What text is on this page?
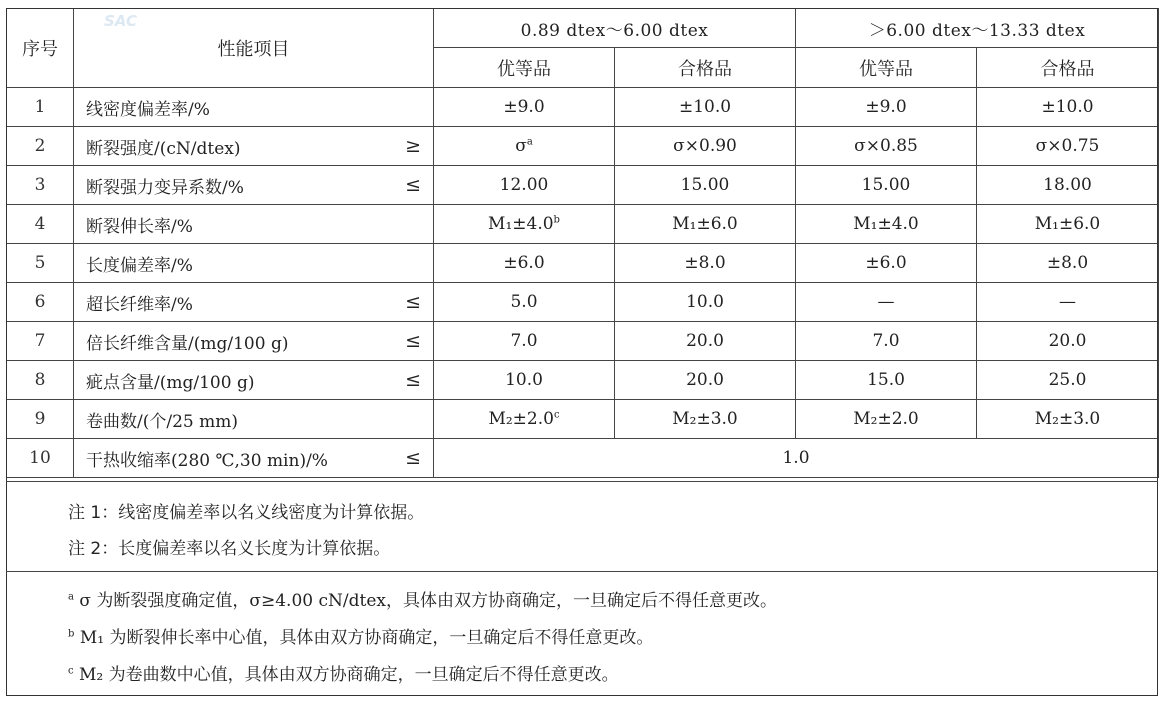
SAC
序号	性能项目	0.89 dtex～6.00 dtex		＞6.00 dtex～13.33 dtex	
		优等品	合格品	优等品	合格品
1	线密度偏差率/%	±9.0	±10.0	±9.0	±10.0
2	断裂强度/(cN/dtex) ≥	$\sigma^a$	σ×0.90	σ×0.85	σ×0.75
3	断裂强力变异系数/% ≤	12.00	15.00	15.00	18.00
4	断裂伸长率/%	M₁±4.0$^b$	M₁±6.0	M₁±4.0	M₁±6.0
5	长度偏差率/%	±6.0	±8.0	±6.0	±8.0
6	超长纤维率/% ≤	5.0	10.0	—	—
7	倍长纤维含量/(mg/100 g) ≤	7.0	20.0	7.0	20.0
8	疵点含量/(mg/100 g) ≤	10.0	20.0	15.0	25.0
9	卷曲数/(个/25 mm)	M₂±2.0$^c$	M₂±3.0	M₂±2.0	M₂±3.0
10	干热收缩率(280 ℃,30 min)/% ≤	1.0			
注 1：线密度偏差率以名义线密度为计算依据。
注 2：长度偏差率以名义长度为计算依据。
$^a$ σ 为断裂强度确定值，σ≥4.00 cN/dtex，具体由双方协商确定，一旦确定后不得任意更改。
$^b$ M₁ 为断裂伸长率中心值，具体由双方协商确定，一旦确定后不得任意更改。
$^c$ M₂ 为卷曲数中心值，具体由双方协商确定，一旦确定后不得任意更改。
